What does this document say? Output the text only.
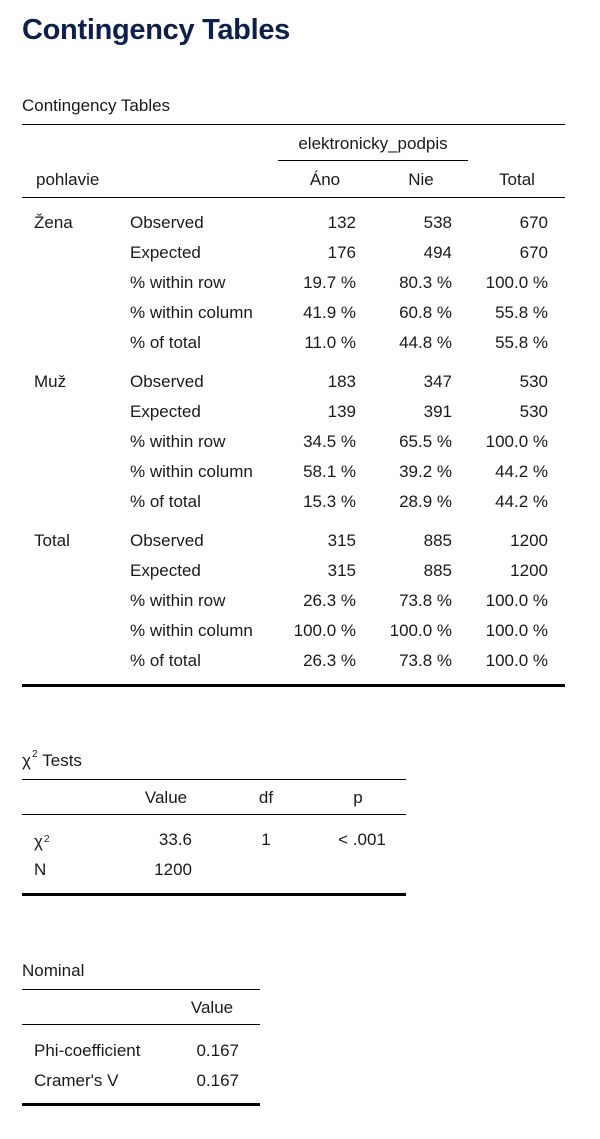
Contingency Tables
Contingency Tables
elektronicky_podpis
pohlavie	Áno	Nie	Total
Žena	Observed	132	538	670
Expected	176	494	670
% within row	19.7 %	80.3 %	100.0 %
% within column	41.9 %	60.8 %	55.8 %
% of total	11.0 %	44.8 %	55.8 %
Muž	Observed	183	347	530
Expected	139	391	530
% within row	34.5 %	65.5 %	100.0 %
% within column	58.1 %	39.2 %	44.2 %
% of total	15.3 %	28.9 %	44.2 %
Total	Observed	315	885	1200
Expected	315	885	1200
% within row	26.3 %	73.8 %	100.0 %
% within column	100.0 %	100.0 %	100.0 %
% of total	26.3 %	73.8 %	100.0 %
$\chi^2$ Tests
Value	df	p
$\chi^2$	33.6	1	< .001
N	1200
Nominal
Value
Phi-coefficient	0.167
Cramer's V	0.167
